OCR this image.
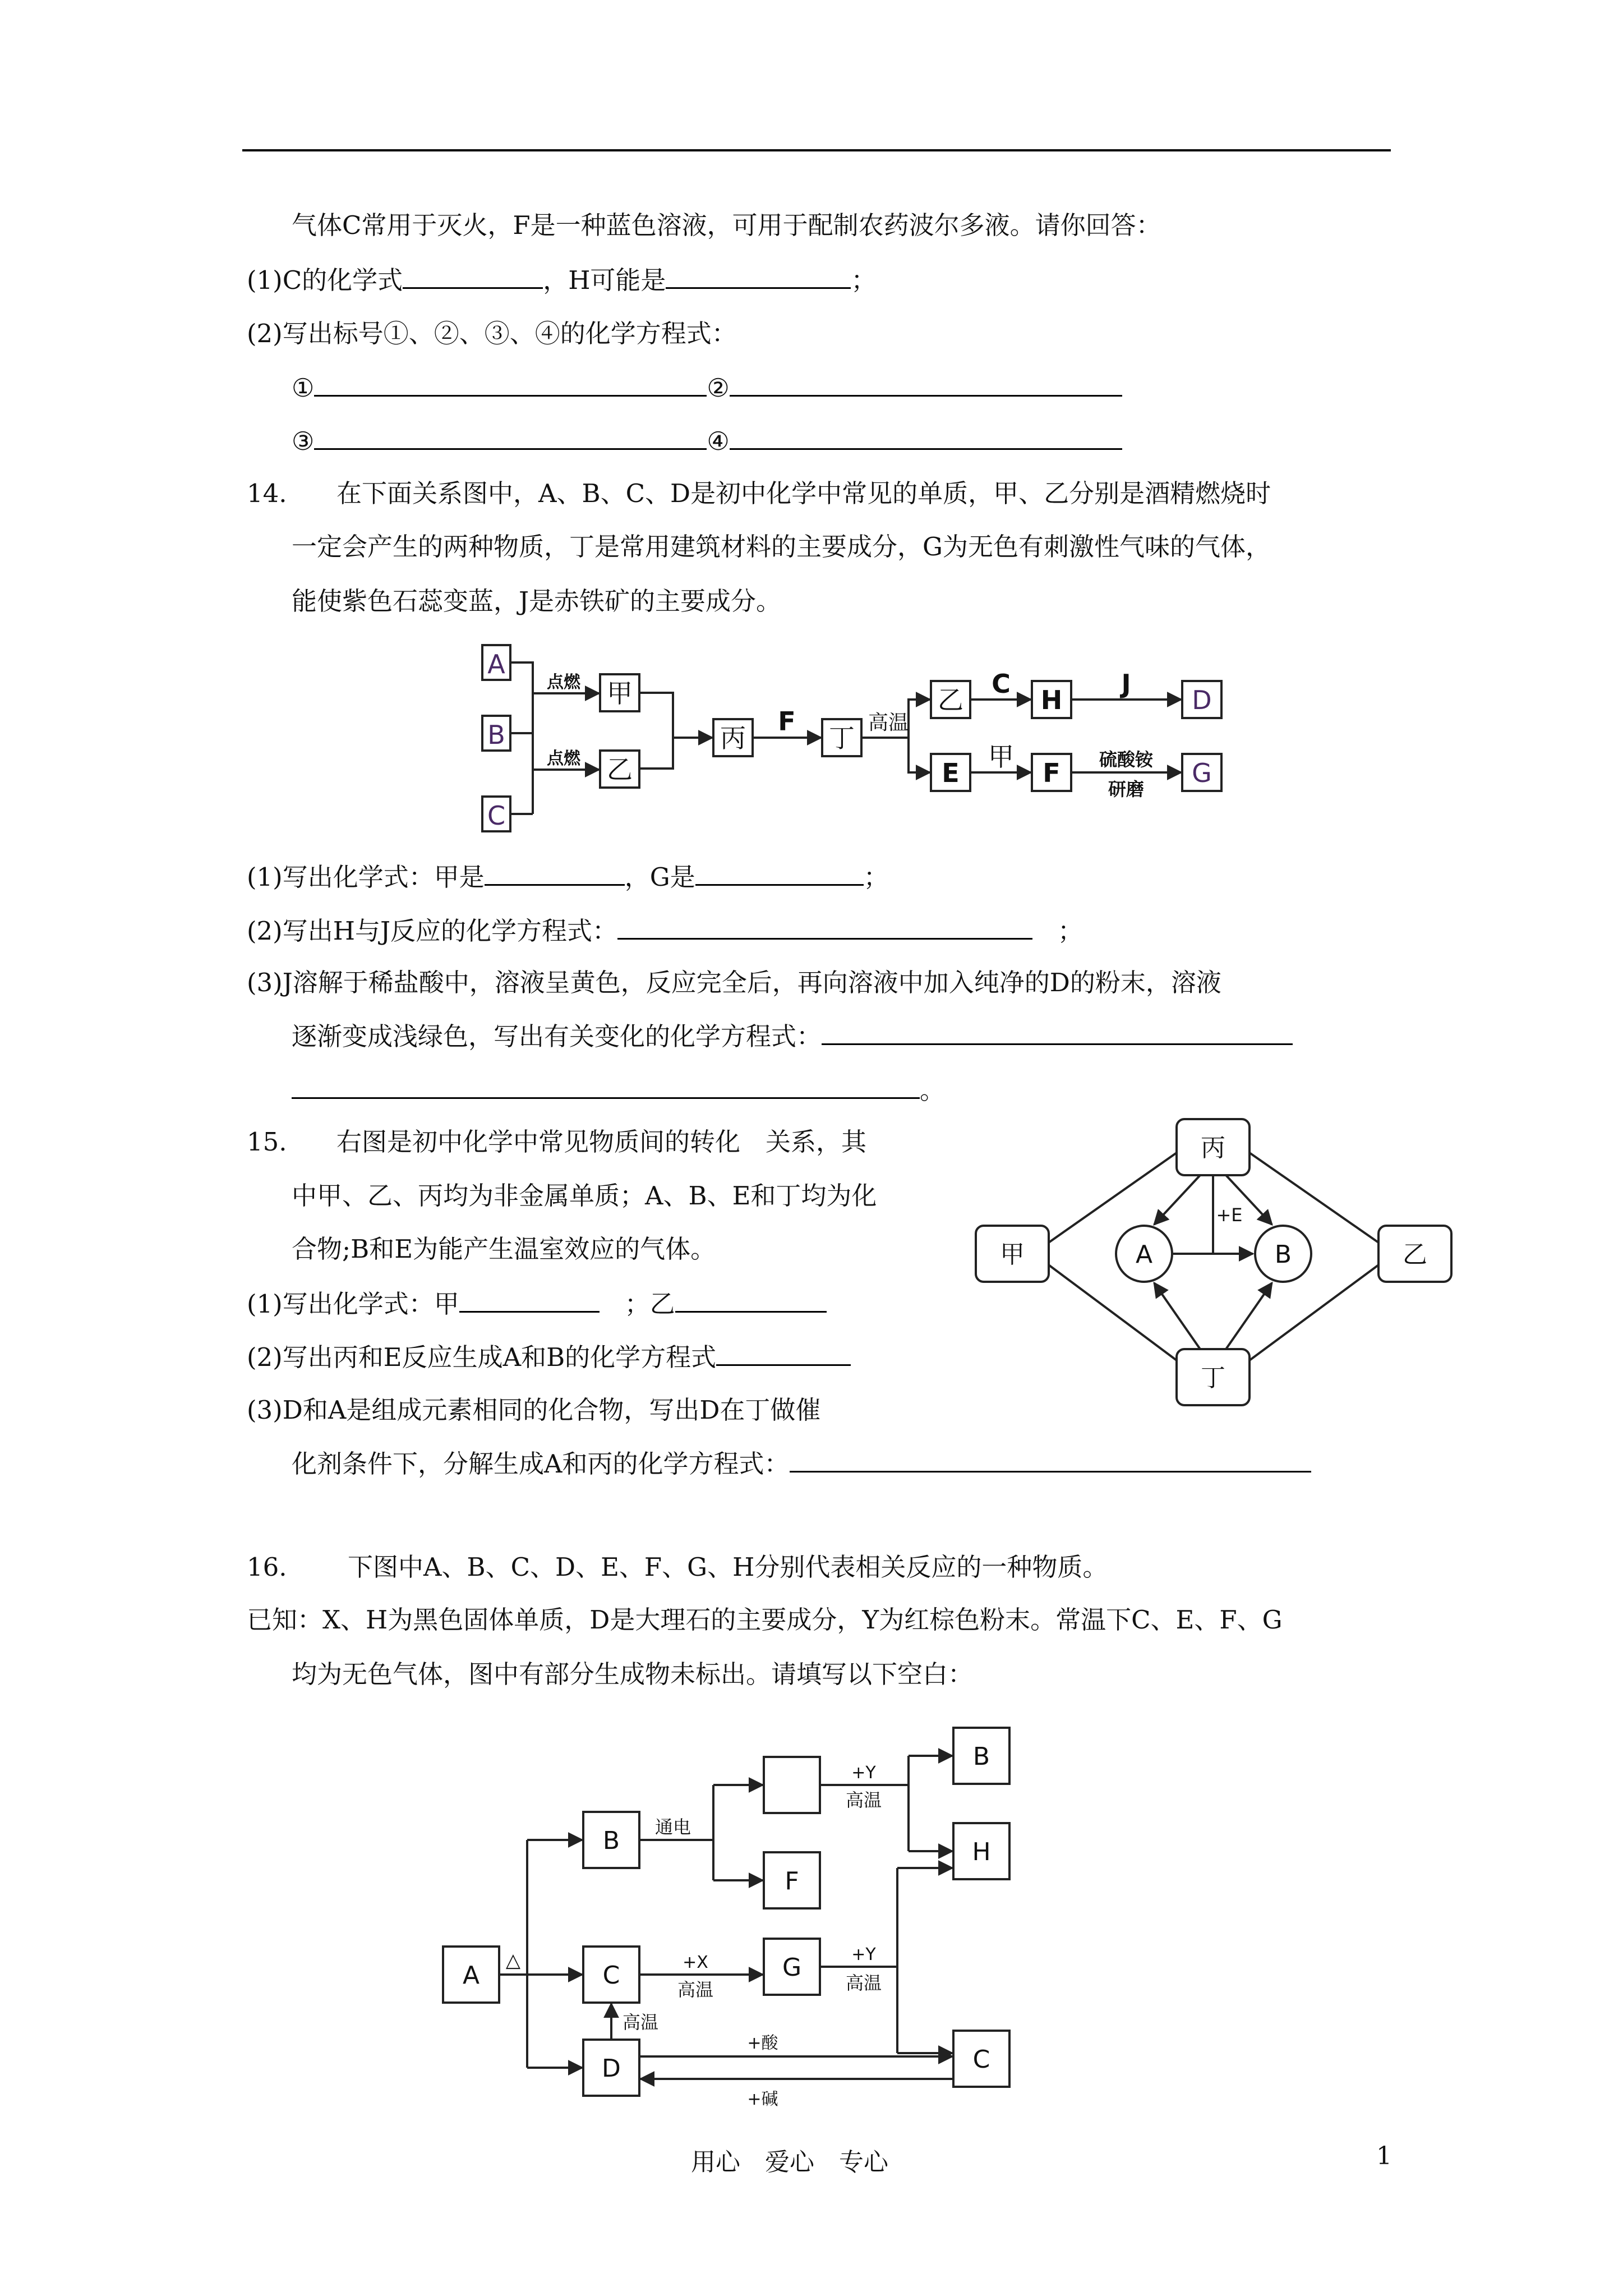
气体C常用于灭火，F是一种蓝色溶液，可用于配制农药波尔多液。请你回答：
(1)C的化学式	，H可能是	；
(2)写出标号①、②、③、④的化学方程式：
①	②
③	④
14. 在下面关系图中，A、B、C、D是初中化学中常见的单质，甲、乙分别是酒精燃烧时
一定会产生的两种物质，丁是常用建筑材料的主要成分，G为无色有刺激性气味的气体，
能使紫色石蕊变蓝，J是赤铁矿的主要成分。
A
B
C
甲
乙
丙	丁
乙	H	D
E	F	G
点燃
点燃
F	高温
C	J
甲	硫酸铵
研磨
(1)写出化学式：甲是	，G是	；
(2)写出H与J反应的化学方程式：　	；
(3)J溶解于稀盐酸中，溶液呈黄色，反应完全后，再向溶液中加入纯净的D的粉末，溶液
逐渐变成浅绿色，写出有关变化的化学方程式：
。
15. 右图是初中化学中常见物质间的转化　关系，其
中甲、乙、丙均为非金属单质；A、B、E和丁均为化
合物;B和E为能产生温室效应的气体。
(1)写出化学式：甲　	；乙
(2)写出丙和E反应生成A和B的化学方程式
(3)D和A是组成元素相同的化合物，写出D在丁做催
化剂条件下，分解生成A和丙的化学方程式：
丙
甲	A	B	乙
丁
+E
16. 下图中A、B、C、D、E、F、G、H分别代表相关反应的一种物质。
已知：X、H为黑色固体单质，D是大理石的主要成分，Y为红棕色粉末。常温下C、E、F、G
均为无色气体，图中有部分生成物未标出。请填写以下空白：
A
B
F
C	G
D
B
H
C
通电
+Y
高温
+X
高温
+Y
高温
高温
+酸
+碱
△
用心　爱心　专心	1
